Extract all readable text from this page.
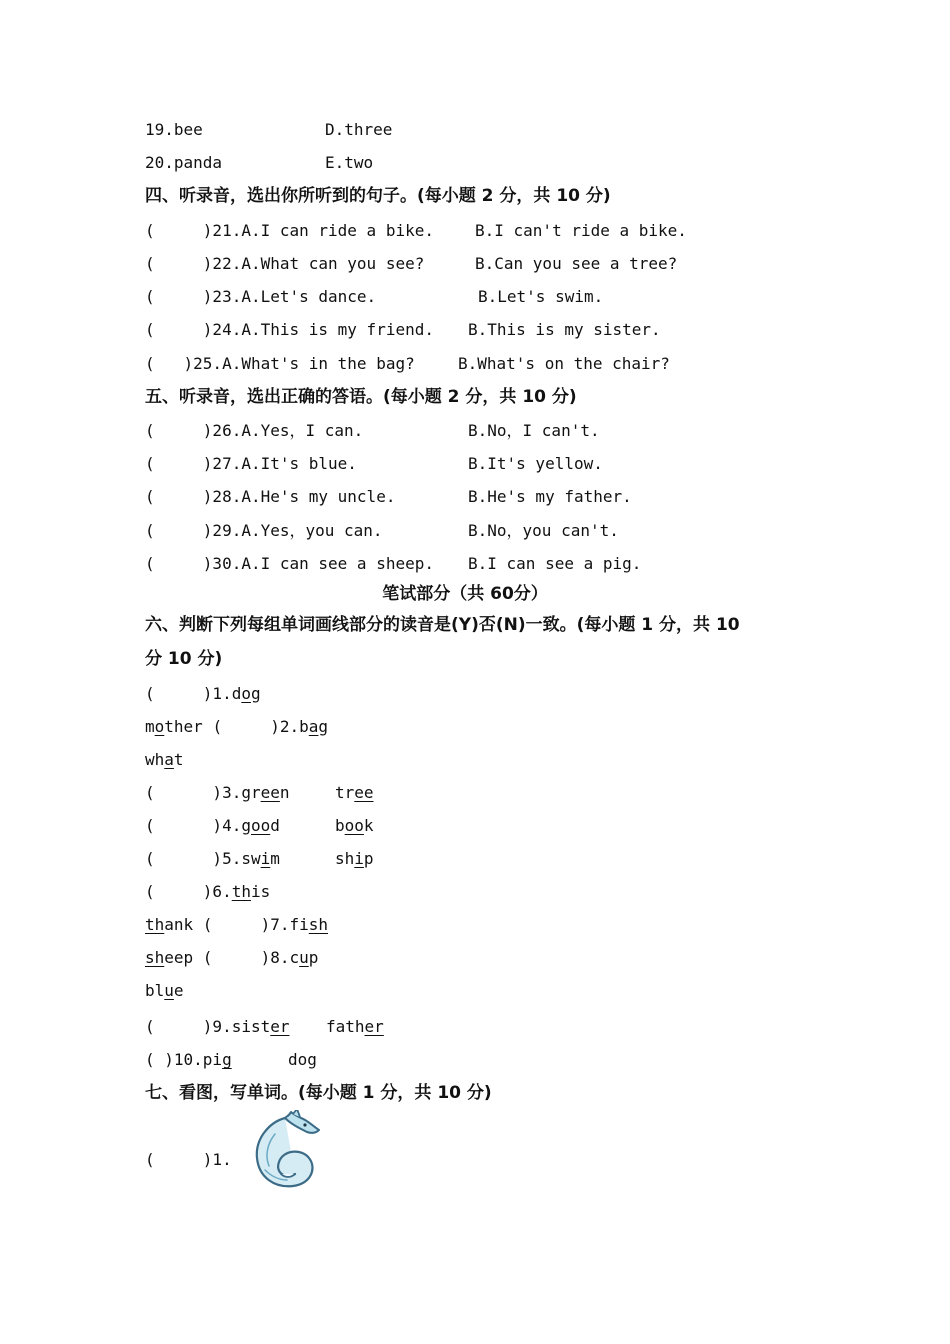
19.bee	D.three
20.panda	E.two
四、听录音，选出你所听到的句子。(每小题 2 分，共 10 分)
(     )21.A.I can ride a bike.	B.I can't ride a bike.
(     )22.A.What can you see?	B.Can you see a tree?
(     )23.A.Let's dance.	B.Let's swim.
(     )24.A.This is my friend. B.This is my sister.
(   )25.A.What's in the bag?	B.What's on the chair?
五、听录音，选出正确的答语。(每小题 2 分，共 10 分)
(     )26.A.Yes，I can.	B.No，I can't.
(     )27.A.It's blue.	B.It's yellow.
(     )28.A.He's my uncle.	B.He's my father.
(     )29.A.Yes，you can.	B.No，you can't.
(     )30.A.I can see a sheep. B.I can see a pig.
笔试部分（共 60分）
六、判断下列每组单词画线部分的读音是(Y)否(N)一致。(每小题 1 分，共 10
分 10 分)
(     )1.dog
mother (     )2.bag
what
(      )3.green	tree
(      )4.good	book
(      )5.swim	ship
(     )6.this
thank (     )7.fish
sheep (     )8.cup
blue
(     )9.sister father
( )10.pig	dog
七、看图，写单词。(每小题 1 分，共 10 分)
(     )1.
